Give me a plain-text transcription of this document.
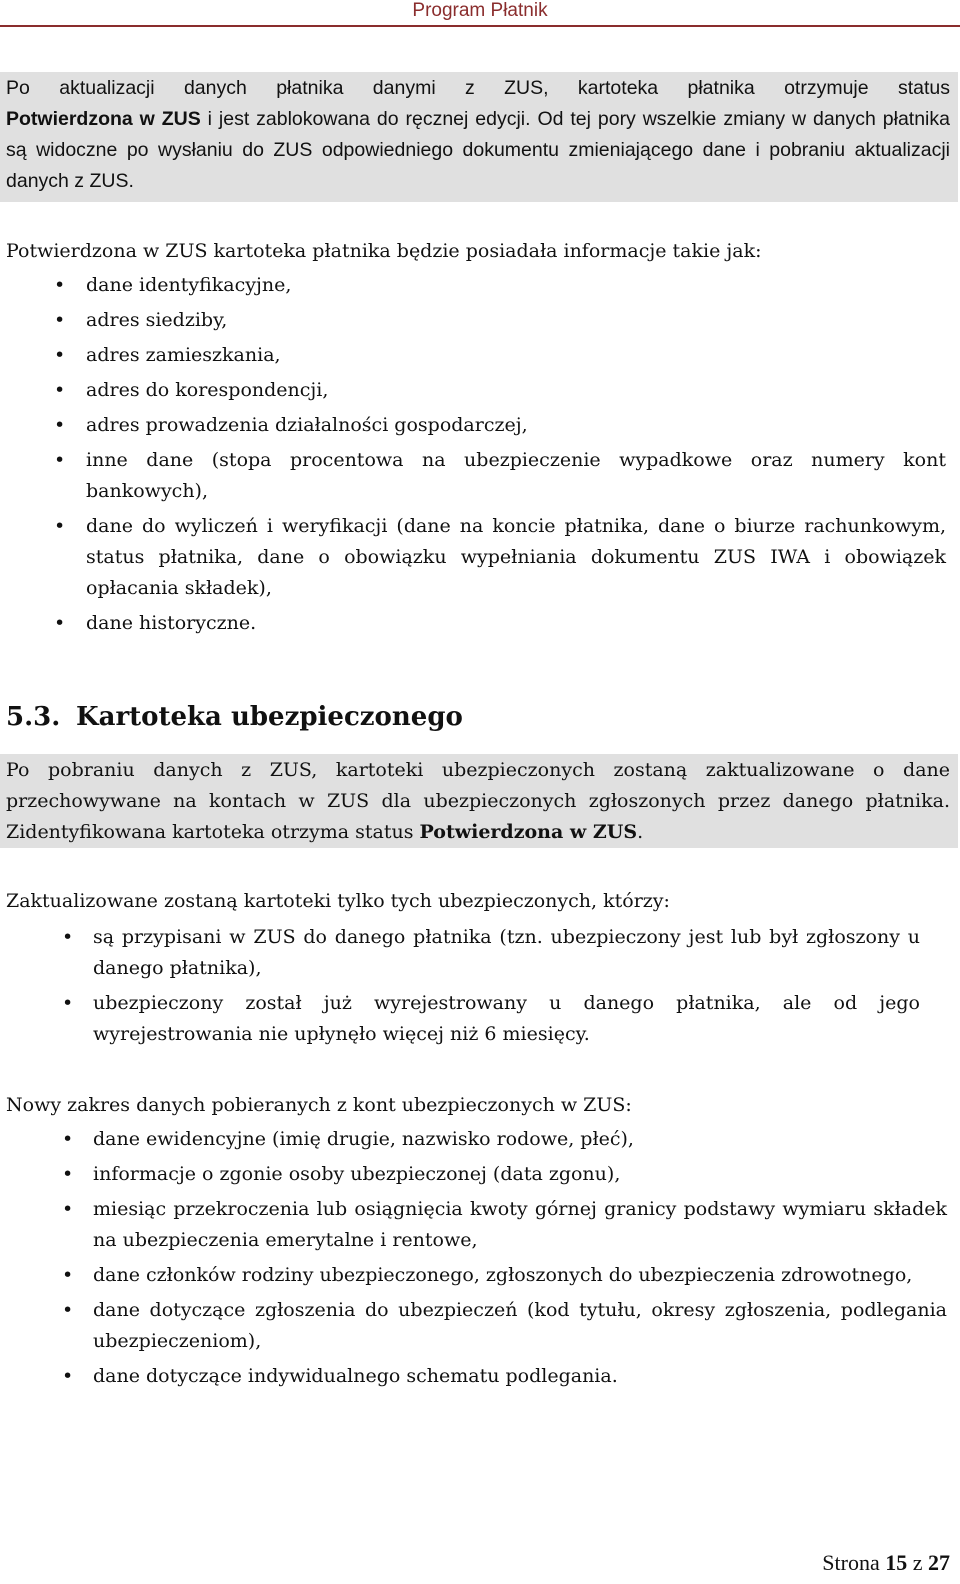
Program Płatnik
Po aktualizacji danych płatnika danymi z ZUS, kartoteka płatnika otrzymuje status
Potwierdzona w ZUS i jest zablokowana do ręcznej edycji. Od tej pory wszelkie zmiany w danych płatnika są widoczne po wysłaniu do ZUS odpowiedniego dokumentu zmieniającego dane i pobraniu aktualizacji danych z ZUS.
Potwierdzona w ZUS kartoteka płatnika będzie posiadała informacje takie jak:
• dane identyfikacyjne,
• adres siedziby,
• adres zamieszkania,
• adres do korespondencji,
• adres prowadzenia działalności gospodarczej,
• inne dane (stopa procentowa na ubezpieczenie wypadkowe oraz numery kont bankowych),
• dane do wyliczeń i weryfikacji (dane na koncie płatnika, dane o biurze rachunkowym, status płatnika, dane o obowiązku wypełniania dokumentu ZUS IWA i obowiązek opłacania składek),
• dane historyczne.
5.3. Kartoteka ubezpieczonego
Po pobraniu danych z ZUS, kartoteki ubezpieczonych zostaną zaktualizowane o dane przechowywane na kontach w ZUS dla ubezpieczonych zgłoszonych przez danego płatnika. Zidentyfikowana kartoteka otrzyma status Potwierdzona w ZUS.
Zaktualizowane zostaną kartoteki tylko tych ubezpieczonych, którzy:
• są przypisani w ZUS do danego płatnika (tzn. ubezpieczony jest lub był zgłoszony u danego płatnika),
• ubezpieczony został już wyrejestrowany u danego płatnika, ale od jego wyrejestrowania nie upłynęło więcej niż 6 miesięcy.
Nowy zakres danych pobieranych z kont ubezpieczonych w ZUS:
• dane ewidencyjne (imię drugie, nazwisko rodowe, płeć),
• informacje o zgonie osoby ubezpieczonej (data zgonu),
• miesiąc przekroczenia lub osiągnięcia kwoty górnej granicy podstawy wymiaru składek na ubezpieczenia emerytalne i rentowe,
• dane członków rodziny ubezpieczonego, zgłoszonych do ubezpieczenia zdrowotnego,
• dane dotyczące zgłoszenia do ubezpieczeń (kod tytułu, okresy zgłoszenia, podlegania ubezpieczeniom),
• dane dotyczące indywidualnego schematu podlegania.
Strona 15 z 27
